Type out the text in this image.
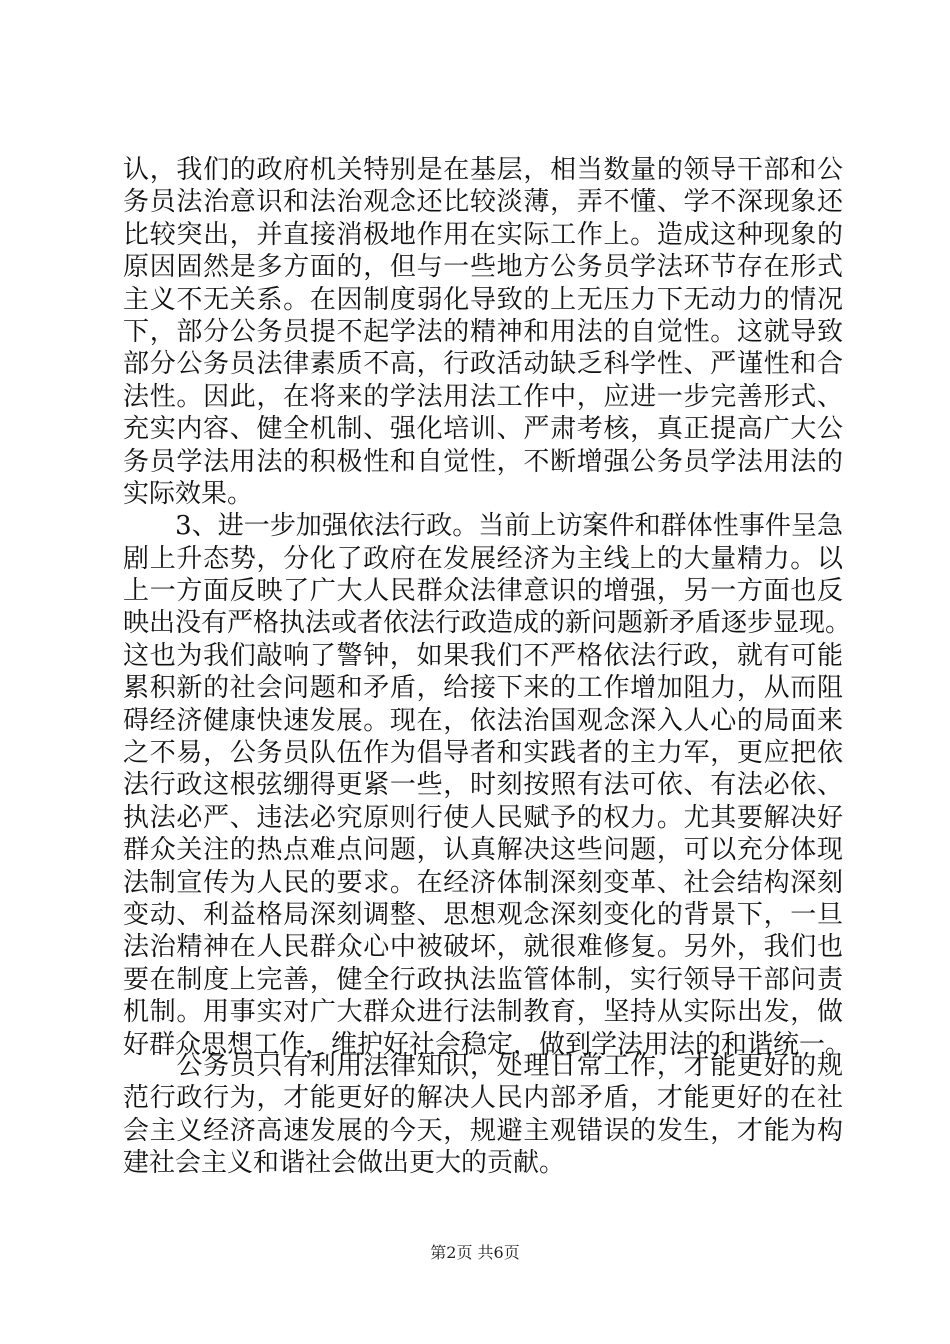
认，我们的政府机关特别是在基层，相当数量的领导干部和公
务员法治意识和法治观念还比较淡薄，弄不懂、学不深现象还
比较突出，并直接消极地作用在实际工作上。造成这种现象的
原因固然是多方面的，但与一些地方公务员学法环节存在形式
主义不无关系。在因制度弱化导致的上无压力下无动力的情况
下，部分公务员提不起学法的精神和用法的自觉性。这就导致
部分公务员法律素质不高，行政活动缺乏科学性、严谨性和合
法性。因此，在将来的学法用法工作中，应进一步完善形式、
充实内容、健全机制、强化培训、严肃考核，真正提高广大公
务员学法用法的积极性和自觉性，不断增强公务员学法用法的
实际效果。
　　3、进一步加强依法行政。当前上访案件和群体性事件呈急
剧上升态势，分化了政府在发展经济为主线上的大量精力。以
上一方面反映了广大人民群众法律意识的增强，另一方面也反
映出没有严格执法或者依法行政造成的新问题新矛盾逐步显现。
这也为我们敲响了警钟，如果我们不严格依法行政，就有可能
累积新的社会问题和矛盾，给接下来的工作增加阻力，从而阻
碍经济健康快速发展。现在，依法治国观念深入人心的局面来
之不易，公务员队伍作为倡导者和实践者的主力军，更应把依
法行政这根弦绷得更紧一些，时刻按照有法可依、有法必依、
执法必严、违法必究原则行使人民赋予的权力。尤其要解决好
群众关注的热点难点问题，认真解决这些问题，可以充分体现
法制宣传为人民的要求。在经济体制深刻变革、社会结构深刻
变动、利益格局深刻调整、思想观念深刻变化的背景下，一旦
法治精神在人民群众心中被破坏，就很难修复。另外，我们也
要在制度上完善，健全行政执法监管体制，实行领导干部问责
机制。用事实对广大群众进行法制教育，坚持从实际出发，做
好群众思想工作，维护好社会稳定，做到学法用法的和谐统一。
　　公务员只有利用法律知识，处理日常工作，才能更好的规
范行政行为，才能更好的解决人民内部矛盾，才能更好的在社
会主义经济高速发展的今天，规避主观错误的发生，才能为构
建社会主义和谐社会做出更大的贡献。
第2页 共6页
